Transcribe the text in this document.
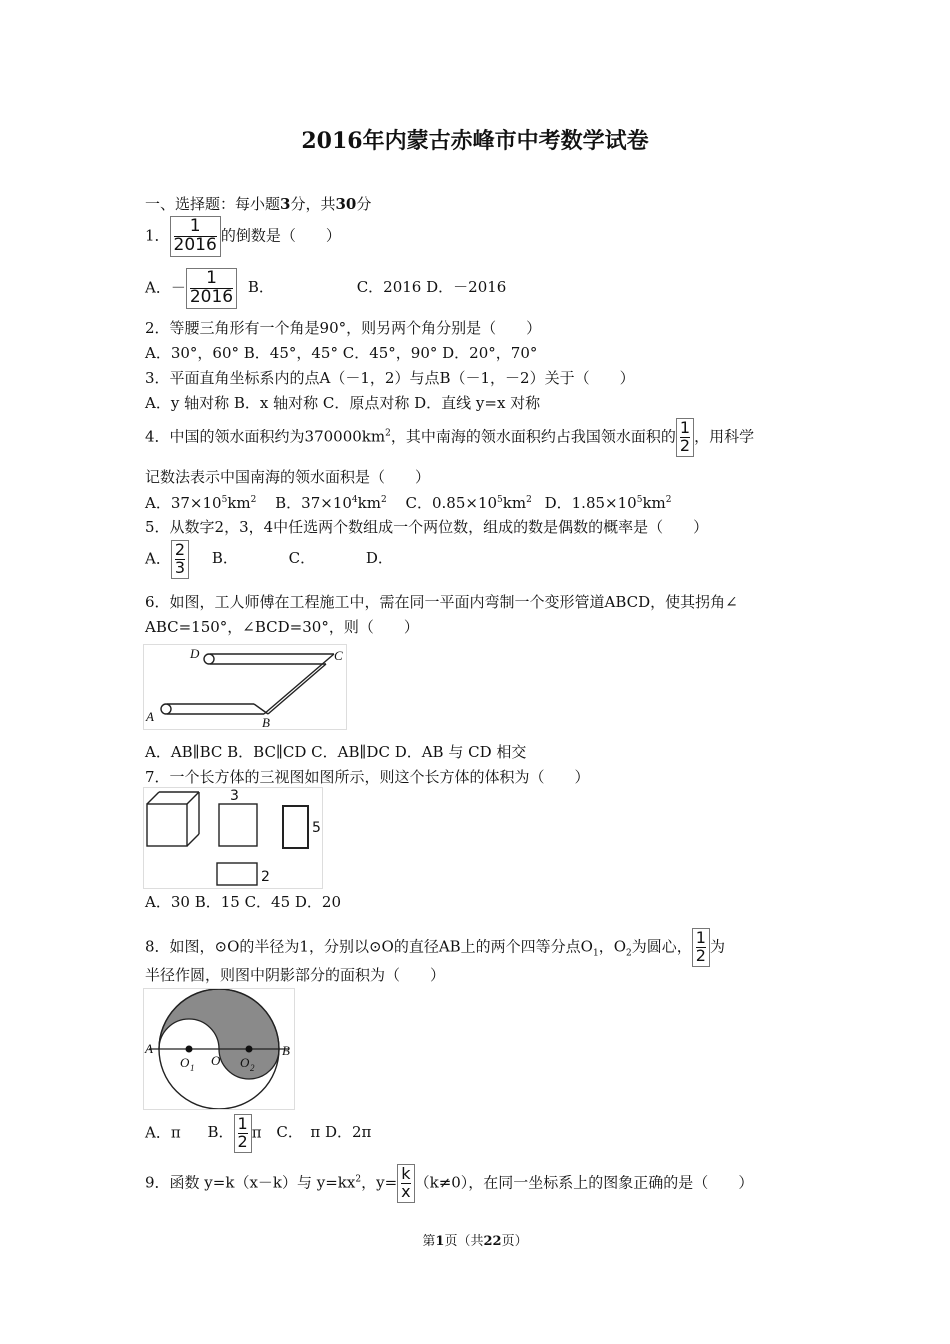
2016年内蒙古赤峰市中考数学试卷
一、选择题：每小题3分，共30分
1． $\frac{1}{2016}$ 的倒数是（　　）
A．－ $\frac{1}{2016}$ B．	C．2016 D．－2016
2．等腰三角形有一个角是90°，则另两个角分别是（　　）
A．30°，60° B．45°，45° C．45°，90° D．20°，70°
3．平面直角坐标系内的点A（－1，2）与点B（－1，－2）关于（　　）
A．y 轴对称 B．x 轴对称 C．原点对称 D．直线 y=x 对称
4．中国的领水面积约为$370000km^2$，其中南海的领水面积约占我国领水面积的 $\frac{1}{2}$ ，用科学
记数法表示中国南海的领水面积是（　　）
A．$37\times 10^5km^2$ B．$37\times 10^4km^2$ C．$0.85\times 10^5km^2$ D．$1.85\times 10^5km^2$
5．从数字2，3，4中任选两个数组成一个两位数，组成的数是偶数的概率是（　　）
A． $\frac{2}{3}$ B．	C．	D．
6．如图，工人师傅在工程施工中，需在同一平面内弯制一个变形管道ABCD，使其拐角∠
ABC=150°，∠BCD=30°，则（　　）
D	C
A	B
A．AB∥BC B．BC∥CD C．AB∥DC D．AB 与 CD 相交
7．一个长方体的三视图如图所示，则这个长方体的体积为（　　）
3
5
2
A．30 B．15 C．45 D．20
8．如图，⊙O的半径为1，分别以⊙O的直径AB上的两个四等分点$O_1$，$O_2$为圆心， $\frac{1}{2}$ 为
半径作圆，则图中阴影部分的面积为（　　）
A	B
O
O 1	O 2
A．π B． $\frac{1}{2}$ π C．　π D．2π
9．函数 y=k（x－k）与 $y=kx^2$，$y= \frac{k}{x} (k\ne 0)$，在同一坐标系上的图象正确的是（　　）
第1页（共22页）
